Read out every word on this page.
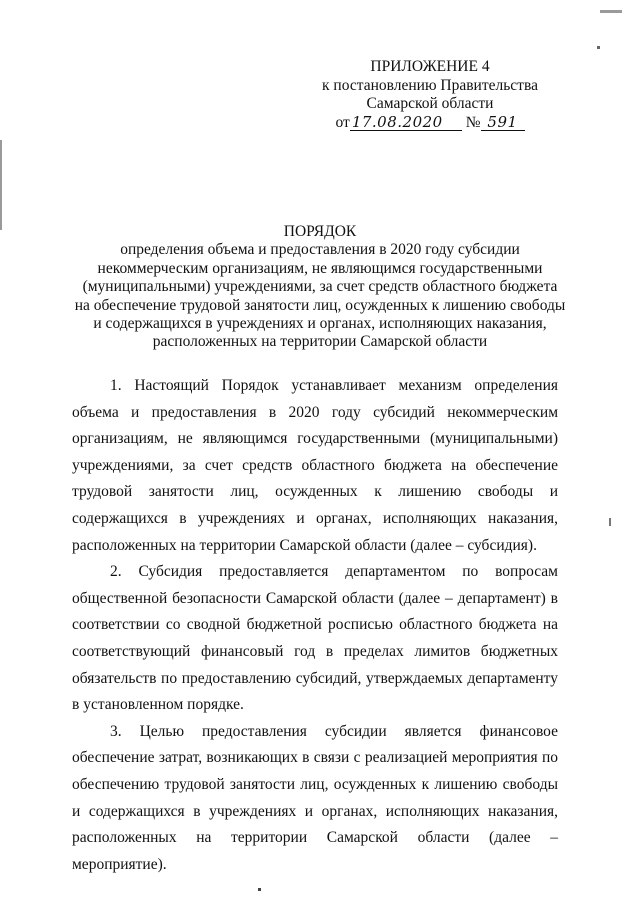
ПРИЛОЖЕНИЕ 4
к постановлению Правительства
Самарской области
от 17.08.2020 № 591
ПОРЯДОК
определения объема и предоставления в 2020 году субсидии
некоммерческим организациям, не являющимся государственными
(муниципальными) учреждениями, за счет средств областного бюджета
на обеспечение трудовой занятости лиц, осужденных к лишению свободы
и содержащихся в учреждениях и органах, исполняющих наказания,
расположенных на территории Самарской области

1. Настоящий Порядок устанавливает механизм определения объема и предоставления в 2020 году субсидий некоммерческим организациям, не являющимся государственными (муниципальными) учреждениями, за счет средств областного бюджета на обеспечение трудовой занятости лиц, осужденных к лишению свободы и содержащихся в учреждениях и органах, исполняющих наказания, расположенных на территории Самарской области (далее – субсидия).

2. Субсидия предоставляется департаментом по вопросам общественной безопасности Самарской области (далее – департамент) в соответствии со сводной бюджетной росписью областного бюджета на соответствующий финансовый год в пределах лимитов бюджетных обязательств по предоставлению субсидий, утверждаемых департаменту в установленном порядке.

3. Целью предоставления субсидии является финансовое обеспечение затрат, возникающих в связи с реализацией мероприятия по обеспечению трудовой занятости лиц, осужденных к лишению свободы и содержащихся в учреждениях и органах, исполняющих наказания, расположенных на территории Самарской области (далее – мероприятие).
